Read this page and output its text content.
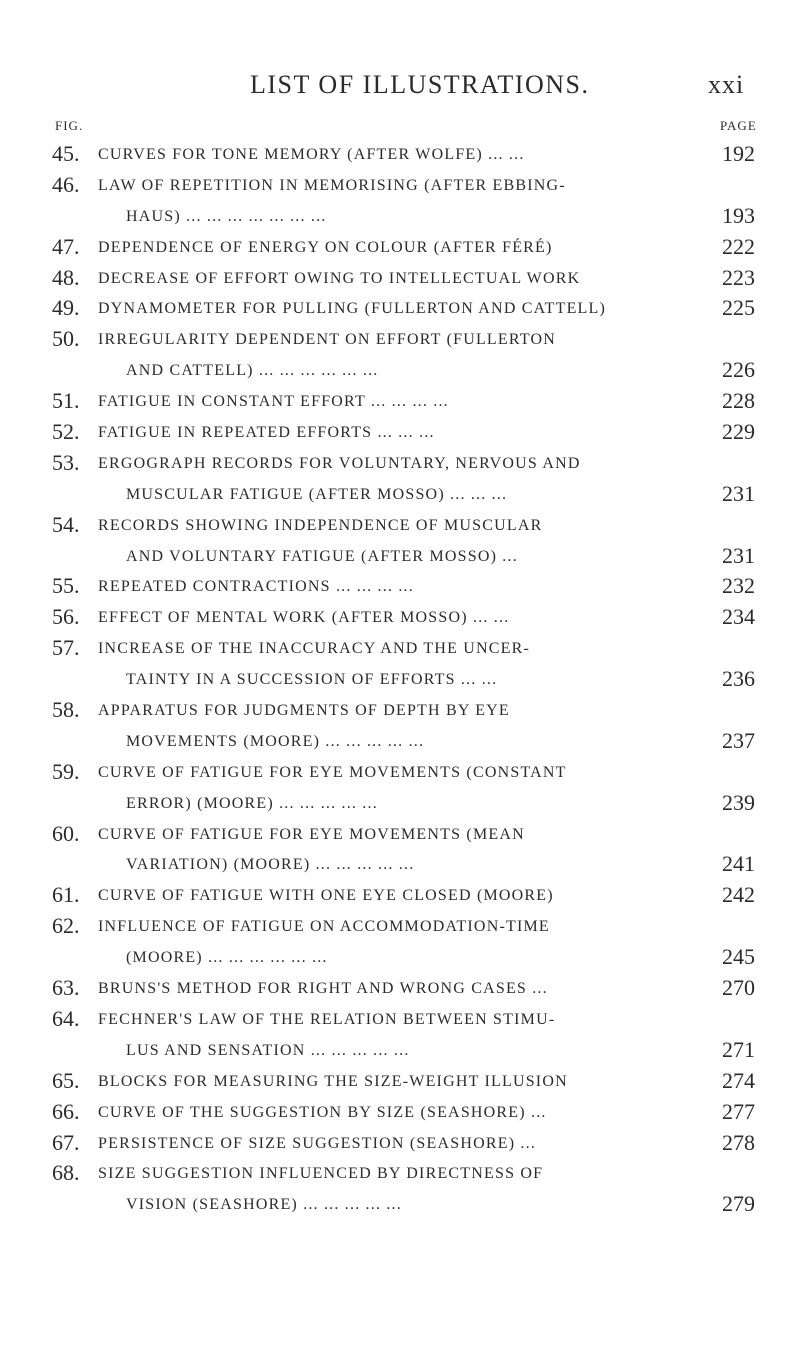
LIST OF ILLUSTRATIONS.	xxi
FIG.	PAGE
45. CURVES FOR TONE MEMORY (AFTER WOLFE) ... ...	192
46. LAW OF REPETITION IN MEMORISING (AFTER EBBING-
HAUS) ... ... ... ... ... ... ...	193
47. DEPENDENCE OF ENERGY ON COLOUR (AFTER FÉRÉ)	222
48. DECREASE OF EFFORT OWING TO INTELLECTUAL WORK	223
49. DYNAMOMETER FOR PULLING (FULLERTON AND CATTELL)	225
50. IRREGULARITY DEPENDENT ON EFFORT (FULLERTON
AND CATTELL) ... ... ... ... ... ...	226
51. FATIGUE IN CONSTANT EFFORT ... ... ... ...	228
52. FATIGUE IN REPEATED EFFORTS ... ... ...	229
53. ERGOGRAPH RECORDS FOR VOLUNTARY, NERVOUS AND
MUSCULAR FATIGUE (AFTER MOSSO) ... ... ...	231
54. RECORDS SHOWING INDEPENDENCE OF MUSCULAR
AND VOLUNTARY FATIGUE (AFTER MOSSO) ...	231
55. REPEATED CONTRACTIONS ... ... ... ...	232
56. EFFECT OF MENTAL WORK (AFTER MOSSO) ... ...	234
57. INCREASE OF THE INACCURACY AND THE UNCER-
TAINTY IN A SUCCESSION OF EFFORTS ... ...	236
58. APPARATUS FOR JUDGMENTS OF DEPTH BY EYE
MOVEMENTS (MOORE) ... ... ... ... ...	237
59. CURVE OF FATIGUE FOR EYE MOVEMENTS (CONSTANT
ERROR) (MOORE) ... ... ... ... ...	239
60. CURVE OF FATIGUE FOR EYE MOVEMENTS (MEAN
VARIATION) (MOORE) ... ... ... ... ...	241
61. CURVE OF FATIGUE WITH ONE EYE CLOSED (MOORE)	242
62. INFLUENCE OF FATIGUE ON ACCOMMODATION-TIME
(MOORE) ... ... ... ... ... ...	245
63. BRUNS'S METHOD FOR RIGHT AND WRONG CASES ...	270
64. FECHNER'S LAW OF THE RELATION BETWEEN STIMU-
LUS AND SENSATION ... ... ... ... ...	271
65. BLOCKS FOR MEASURING THE SIZE-WEIGHT ILLUSION	274
66. CURVE OF THE SUGGESTION BY SIZE (SEASHORE) ...	277
67. PERSISTENCE OF SIZE SUGGESTION (SEASHORE) ...	278
68. SIZE SUGGESTION INFLUENCED BY DIRECTNESS OF
VISION (SEASHORE) ... ... ... ... ...	279
